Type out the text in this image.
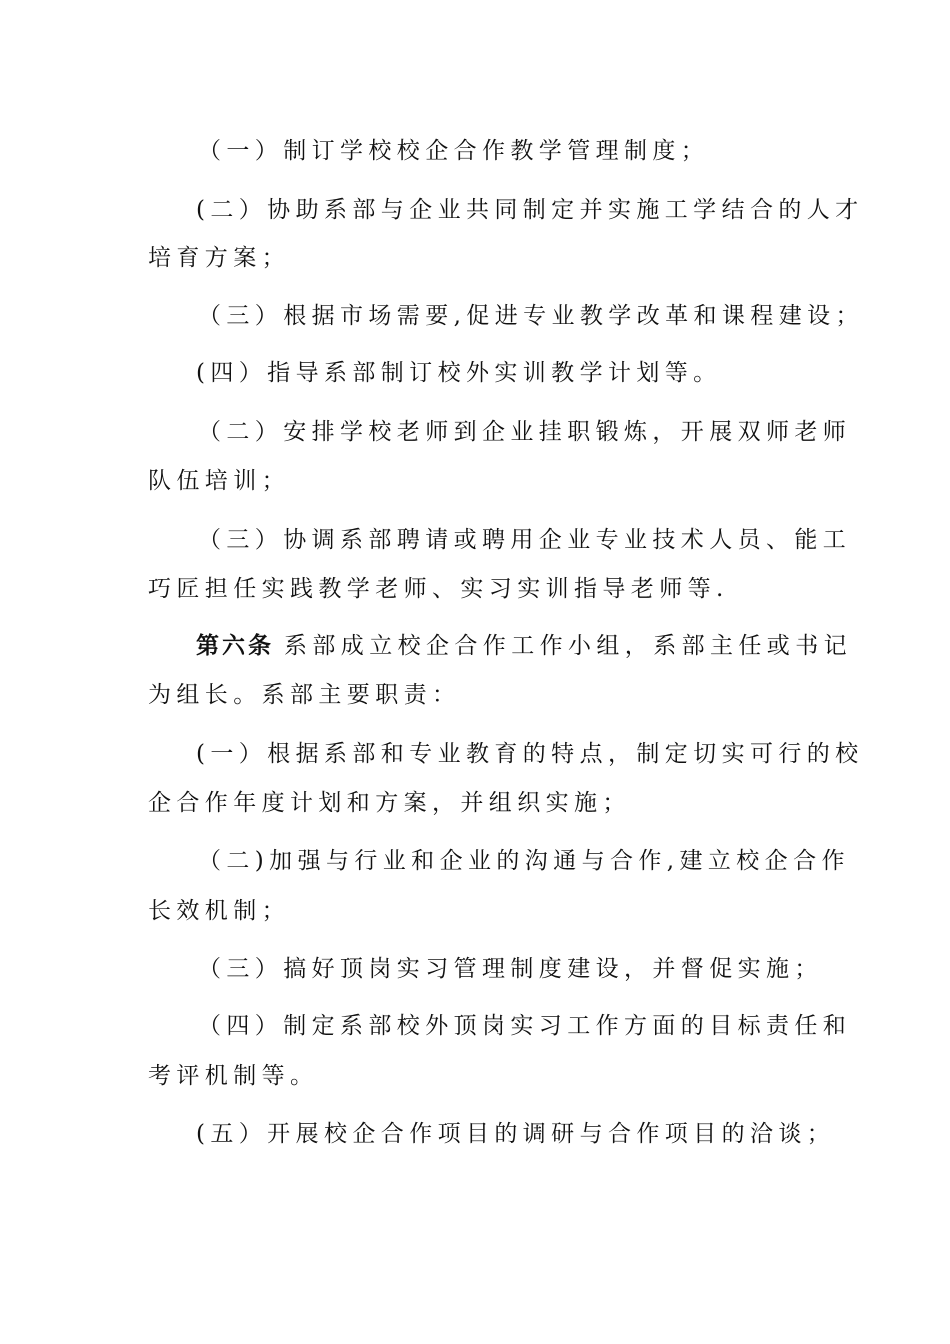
（一）制订学校校企合作教学管理制度；
(二）协助系部与企业共同制定并实施工学结合的人才
培育方案；
（三）根据市场需要,促进专业教学改革和课程建设；
(四）指导系部制订校外实训教学计划等。
（二）安排学校老师到企业挂职锻炼，开展双师老师
队伍培训；
（三）协调系部聘请或聘用企业专业技术人员、能工
巧匠担任实践教学老师、实习实训指导老师等.
第六条 系部成立校企合作工作小组，系部主任或书记
为组长。系部主要职责：
(一）根据系部和专业教育的特点，制定切实可行的校
企合作年度计划和方案，并组织实施；
（二)加强与行业和企业的沟通与合作,建立校企合作
长效机制；
（三）搞好顶岗实习管理制度建设，并督促实施；
（四）制定系部校外顶岗实习工作方面的目标责任和
考评机制等。
(五）开展校企合作项目的调研与合作项目的洽谈；
